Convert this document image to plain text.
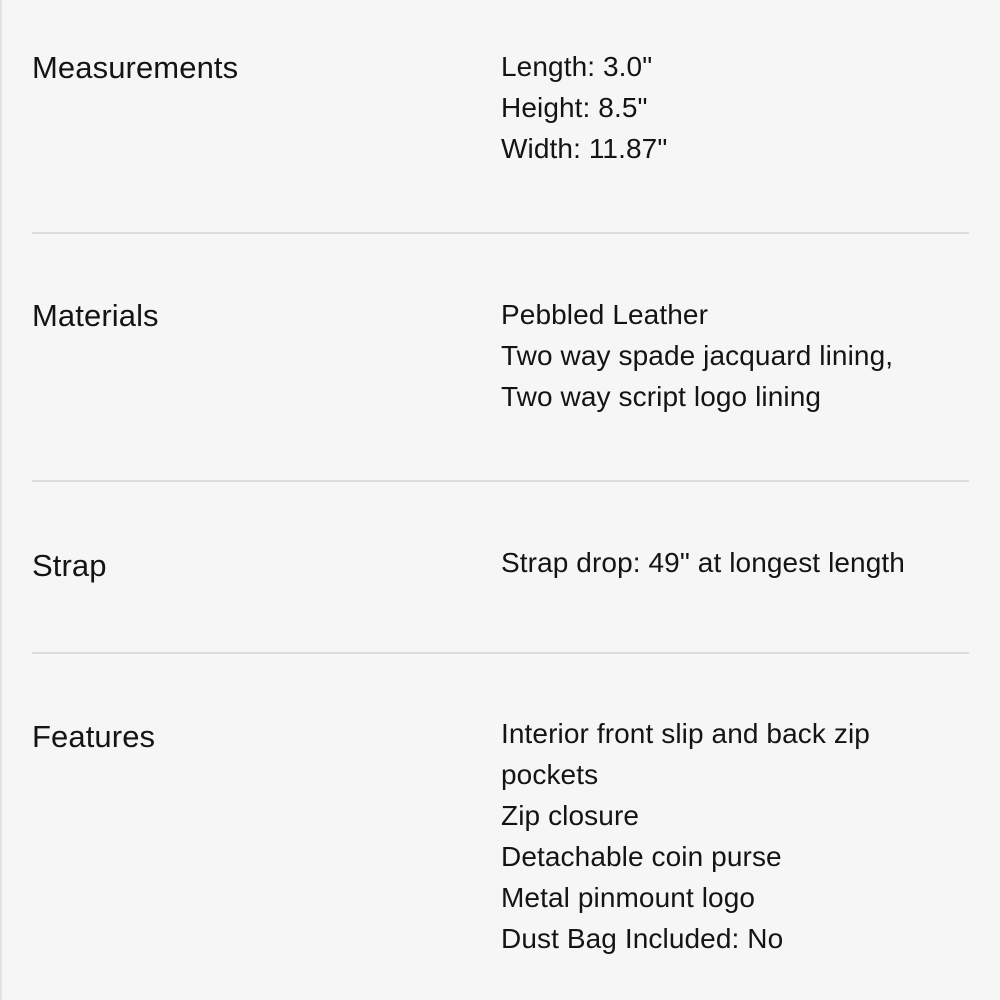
Measurements	Length: 3.0"
Height: 8.5"
Width: 11.87"
Materials	Pebbled Leather
Two way spade jacquard lining,
Two way script logo lining
Strap	Strap drop: 49" at longest length
Features	Interior front slip and back zip
pockets
Zip closure
Detachable coin purse
Metal pinmount logo
Dust Bag Included: No
